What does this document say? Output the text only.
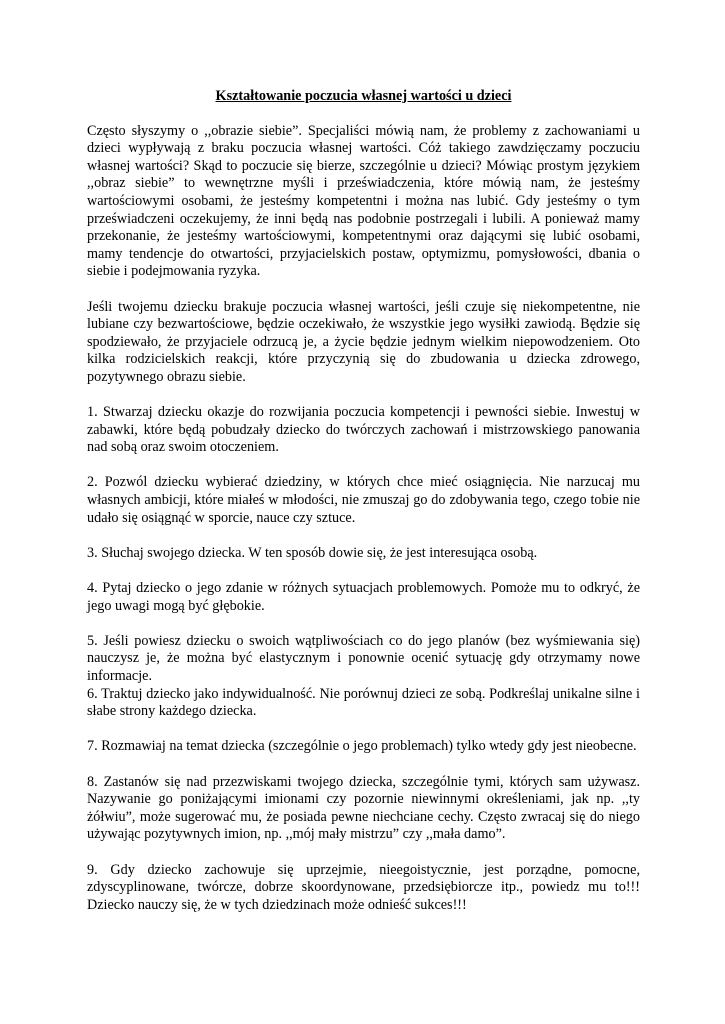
Kształtowanie poczucia własnej wartości u dzieci
Często słyszymy o ,,obrazie siebie”. Specjaliści mówią nam, że problemy z zachowaniami u dzieci wypływają z braku poczucia własnej wartości. Cóż takiego zawdzięczamy poczuciu własnej wartości? Skąd to poczucie się bierze, szczególnie u dzieci? Mówiąc prostym językiem ,,obraz siebie” to wewnętrzne myśli i przeświadczenia, które mówią nam, że jesteśmy wartościowymi osobami, że jesteśmy kompetentni i można nas lubić. Gdy jesteśmy o tym przeświadczeni oczekujemy, że inni będą nas podobnie postrzegali i lubili. A ponieważ mamy przekonanie, że jesteśmy wartościowymi, kompetentnymi oraz dającymi się lubić osobami, mamy tendencje do otwartości, przyjacielskich postaw, optymizmu, pomysłowości, dbania o siebie i podejmowania ryzyka.
Jeśli twojemu dziecku brakuje poczucia własnej wartości, jeśli czuje się niekompetentne, nie lubiane czy bezwartościowe, będzie oczekiwało, że wszystkie jego wysiłki zawiodą. Będzie się spodziewało, że przyjaciele odrzucą je, a życie będzie jednym wielkim niepowodzeniem. Oto kilka rodzicielskich reakcji, które przyczynią się do zbudowania u dziecka zdrowego, pozytywnego obrazu siebie.
1. Stwarzaj dziecku okazje do rozwijania poczucia kompetencji i pewności siebie. Inwestuj w zabawki, które będą pobudzały dziecko do twórczych zachowań i mistrzowskiego panowania nad sobą oraz swoim otoczeniem.
2. Pozwól dziecku wybierać dziedziny, w których chce mieć osiągnięcia. Nie narzucaj mu własnych ambicji, które miałeś w młodości, nie zmuszaj go do zdobywania tego, czego tobie nie udało się osiągnąć w sporcie, nauce czy sztuce.
3. Słuchaj swojego dziecka. W ten sposób dowie się, że jest interesująca osobą.
4. Pytaj dziecko o jego zdanie w różnych sytuacjach problemowych. Pomoże mu to odkryć, że jego uwagi mogą być głębokie.
5. Jeśli powiesz dziecku o swoich wątpliwościach co do jego planów (bez wyśmiewania się) nauczysz je, że można być elastycznym i ponownie ocenić sytuację gdy otrzymamy nowe informacje.
6. Traktuj dziecko jako indywidualność. Nie porównuj dzieci ze sobą. Podkreślaj unikalne silne i słabe strony każdego dziecka.
7. Rozmawiaj na temat dziecka (szczególnie o jego problemach) tylko wtedy gdy jest nieobecne.
8. Zastanów się nad przezwiskami twojego dziecka, szczególnie tymi, których sam używasz. Nazywanie go poniżającymi imionami czy pozornie niewinnymi określeniami, jak np. ,,ty żółwiu”, może sugerować mu, że posiada pewne niechciane cechy. Często zwracaj się do niego używając pozytywnych imion, np. ,,mój mały mistrzu” czy ,,mała damo”.
9. Gdy dziecko zachowuje się uprzejmie, nieegoistycznie, jest porządne, pomocne, zdyscyplinowane, twórcze, dobrze skoordynowane, przedsiębiorcze itp., powiedz mu to!!! Dziecko nauczy się, że w tych dziedzinach może odnieść sukces!!!
